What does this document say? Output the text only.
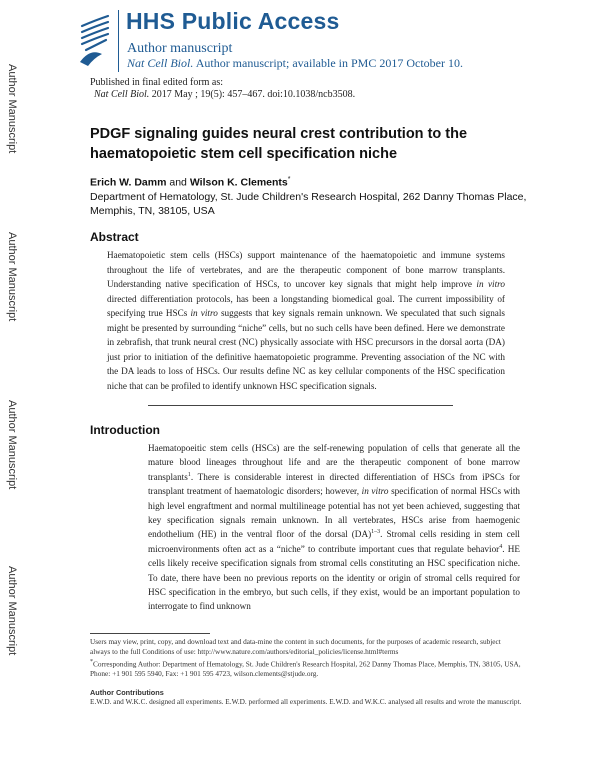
Author Manuscript
Author Manuscript
Author Manuscript
Author Manuscript
HHS Public Access
Author manuscript
Nat Cell Biol. Author manuscript; available in PMC 2017 October 10.
Published in final edited form as:
Nat Cell Biol. 2017 May ; 19(5): 457–467. doi:10.1038/ncb3508.
PDGF signaling guides neural crest contribution to the haematopoietic stem cell specification niche
Erich W. Damm and Wilson K. Clements*
Department of Hematology, St. Jude Children's Research Hospital, 262 Danny Thomas Place, Memphis, TN, 38105, USA
Abstract
Haematopoietic stem cells (HSCs) support maintenance of the haematopoietic and immune systems throughout the life of vertebrates, and are the therapeutic component of bone marrow transplants. Understanding native specification of HSCs, to uncover key signals that might help improve in vitro directed differentiation protocols, has been a longstanding biomedical goal. The current impossibility of specifying true HSCs in vitro suggests that key signals remain unknown. We speculated that such signals might be presented by surrounding “niche” cells, but no such cells have been defined. Here we demonstrate in zebrafish, that trunk neural crest (NC) physically associate with HSC precursors in the dorsal aorta (DA) just prior to initiation of the definitive haematopoietic programme. Preventing association of the NC with the DA leads to loss of HSCs. Our results define NC as key cellular components of the HSC specification niche that can be profiled to identify unknown HSC specification signals.
Introduction
Haematopoeitic stem cells (HSCs) are the self-renewing population of cells that generate all the mature blood lineages throughout life and are the therapeutic component of bone marrow transplants$^1$. There is considerable interest in directed differentiation of HSCs from iPSCs for transplant treatment of haematologic disorders; however, in vitro specification of normal HSCs with high level engraftment and normal multilineage potential has not yet been achieved, suggesting that key specification signals remain unknown. In all vertebrates, HSCs arise from haemogenic endothelium (HE) in the ventral floor of the dorsal (DA)$^{1-3}$. Stromal cells residing in stem cell microenvironments often act as a “niche” to contribute important cues that regulate behavior$^4$. HE cells likely receive specification signals from stromal cells constituting an HSC specification niche. To date, there have been no previous reports on the identity or origin of stromal cells required for HSC specification in the embryo, but such cells, if they exist, would be an important population to interrogate to find unknown
Users may view, print, copy, and download text and data-mine the content in such documents, for the purposes of academic research, subject always to the full Conditions of use: http://www.nature.com/authors/editorial_policies/license.html#terms
*Corresponding Author: Department of Hematology, St. Jude Children's Research Hospital, 262 Danny Thomas Place, Memphis, TN, 38105, USA, Phone: +1 901 595 5940, Fax: +1 901 595 4723, wilson.clements@stjude.org.
Author Contributions
E.W.D. and W.K.C. designed all experiments. E.W.D. performed all experiments. E.W.D. and W.K.C. analysed all results and wrote the manuscript.
